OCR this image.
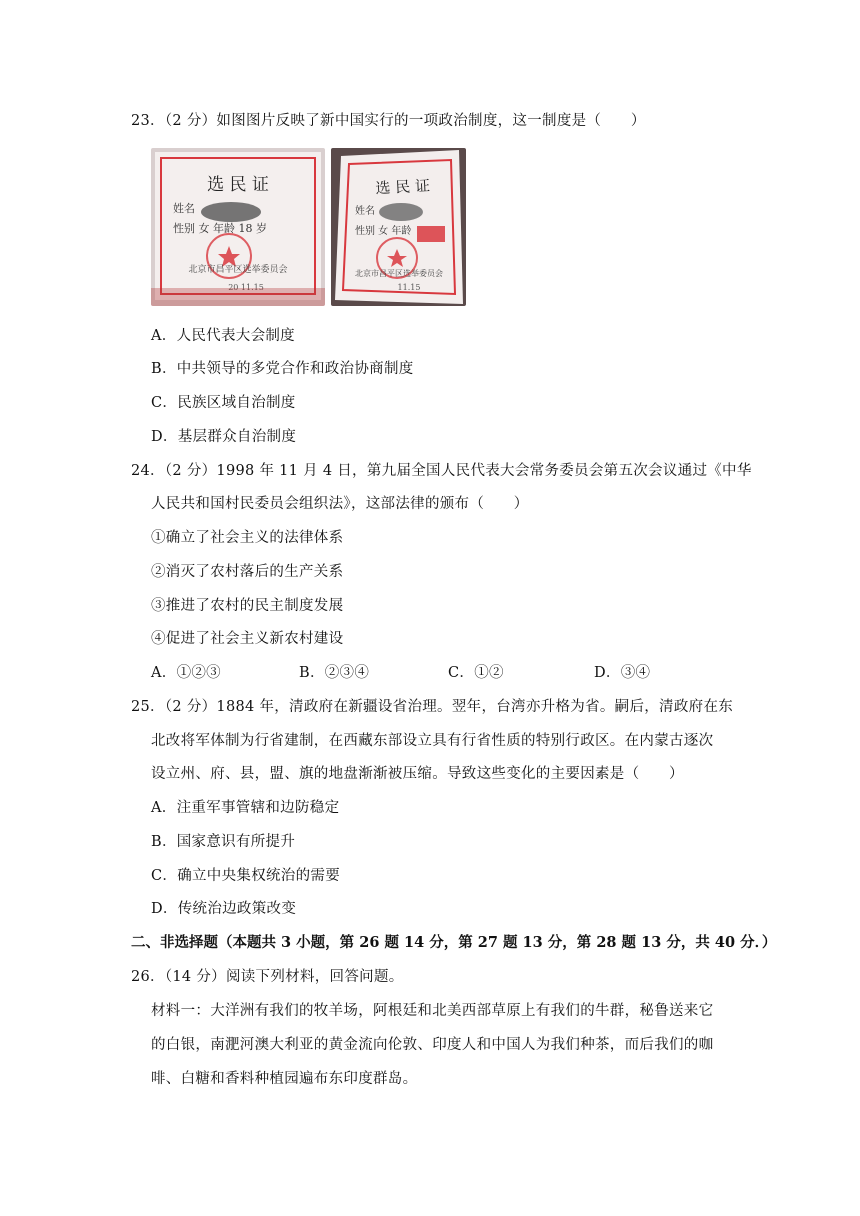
23．（2 分）如图图片反映了新中国实行的一项政治制度，这一制度是（　　）
选 民 证
姓名
性别 女 年龄 18 岁
北京市昌平区选举委员会
20 11.15
选 民 证
姓名
性别 女 年龄
北京市昌平区选举委员会
11.15
A．人民代表大会制度
B．中共领导的多党合作和政治协商制度
C．民族区域自治制度
D．基层群众自治制度
24．（2 分）1998 年 11 月 4 日，第九届全国人民代表大会常务委员会第五次会议通过《中华
人民共和国村民委员会组织法》，这部法律的颁布（　　）
①确立了社会主义的法律体系
②消灭了农村落后的生产关系
③推进了农村的民主制度发展
④促进了社会主义新农村建设
A．①②③	B．②③④	C．①②	D．③④
25．（2 分）1884 年，清政府在新疆设省治理。翌年，台湾亦升格为省。嗣后，清政府在东
北改将军体制为行省建制，在西藏东部设立具有行省性质的特别行政区。在内蒙古逐次
设立州、府、县，盟、旗的地盘渐渐被压缩。导致这些变化的主要因素是（　　）
A．注重军事管辖和边防稳定
B．国家意识有所提升
C．确立中央集权统治的需要
D．传统治边政策改变
二、非选择题（本题共 3 小题，第 26 题 14 分，第 27 题 13 分，第 28 题 13 分，共 40 分．）
26．（14 分）阅读下列材料，回答问题。
材料一：大洋洲有我们的牧羊场，阿根廷和北美西部草原上有我们的牛群，秘鲁送来它
的白银，南淝河澳大利亚的黄金流向伦敦、印度人和中国人为我们种茶，而后我们的咖
啡、白糖和香料种植园遍布东印度群岛。
